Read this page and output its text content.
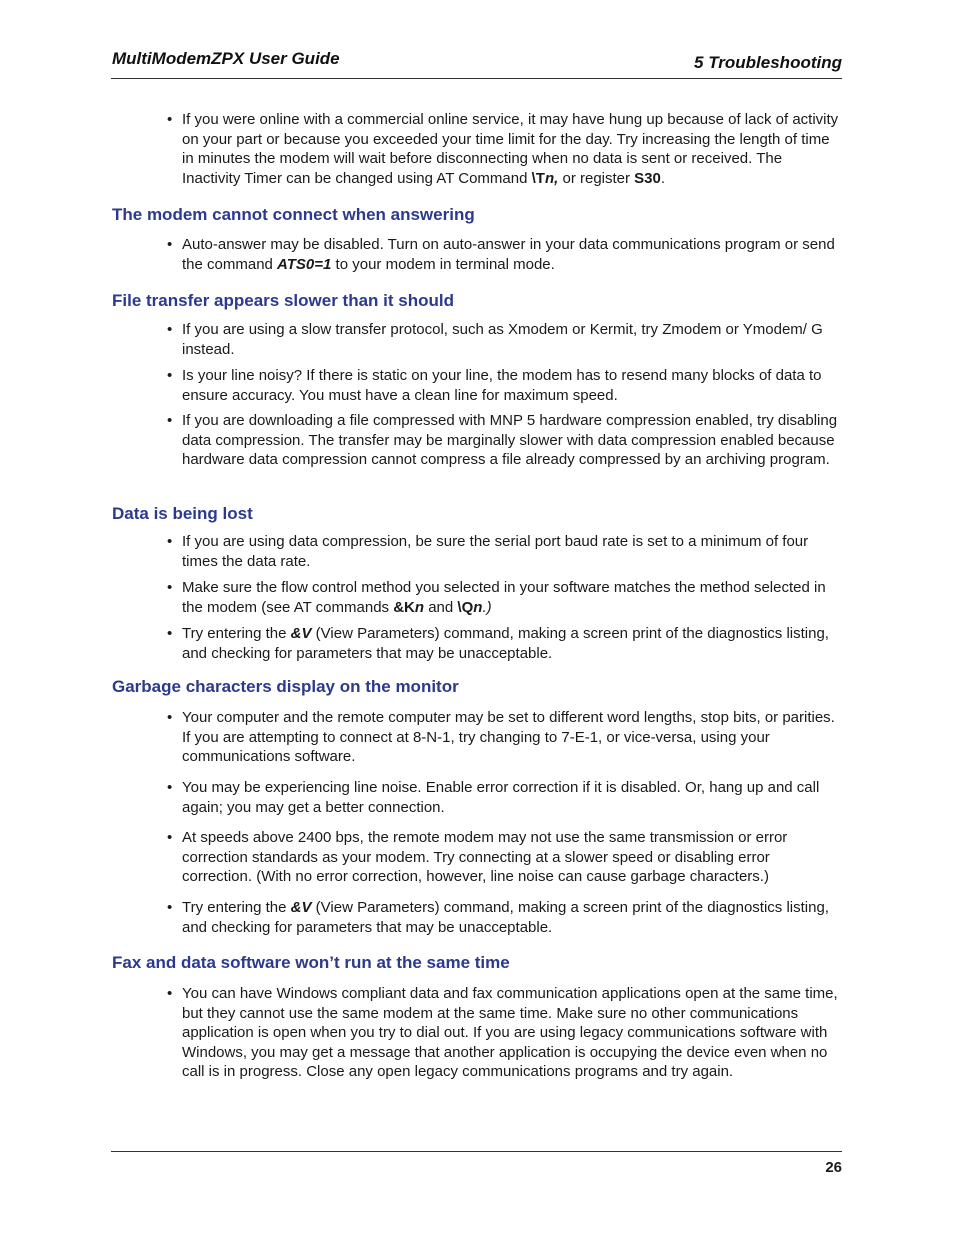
MultiModemZPX User Guide	5 Troubleshooting
• If you were online with a commercial online service, it may have hung up because of lack of activity on your part or because you exceeded your time limit for the day. Try increasing the length of time in minutes the modem will wait before disconnecting when no data is sent or received. The Inactivity Timer can be changed using AT Command \Tn, or register S30.
The modem cannot connect when answering
• Auto-answer may be disabled. Turn on auto-answer in your data communications program or send the command ATS0=1 to your modem in terminal mode.
File transfer appears slower than it should
• If you are using a slow transfer protocol, such as Xmodem or Kermit, try Zmodem or Ymodem/ G instead.
• Is your line noisy? If there is static on your line, the modem has to resend many blocks of data to ensure accuracy. You must have a clean line for maximum speed.
• If you are downloading a file compressed with MNP 5 hardware compression enabled, try disabling data compression. The transfer may be marginally slower with data compression enabled because hardware data compression cannot compress a file already compressed by an archiving program.
Data is being lost
• If you are using data compression, be sure the serial port baud rate is set to a minimum of four times the data rate.
• Make sure the flow control method you selected in your software matches the method selected in the modem (see AT commands &Kn and \Qn.)
• Try entering the &V (View Parameters) command, making a screen print of the diagnostics listing, and checking for parameters that may be unacceptable.
Garbage characters display on the monitor
• Your computer and the remote computer may be set to different word lengths, stop bits, or parities. If you are attempting to connect at 8-N-1, try changing to 7-E-1, or vice-versa, using your communications software.
• You may be experiencing line noise. Enable error correction if it is disabled. Or, hang up and call again; you may get a better connection.
• At speeds above 2400 bps, the remote modem may not use the same transmission or error correction standards as your modem. Try connecting at a slower speed or disabling error correction. (With no error correction, however, line noise can cause garbage characters.)
• Try entering the &V (View Parameters) command, making a screen print of the diagnostics listing, and checking for parameters that may be unacceptable.
Fax and data software won’t run at the same time
• You can have Windows compliant data and fax communication applications open at the same time, but they cannot use the same modem at the same time. Make sure no other communications application is open when you try to dial out. If you are using legacy communications software with Windows, you may get a message that another application is occupying the device even when no call is in progress. Close any open legacy communications programs and try again.
26
